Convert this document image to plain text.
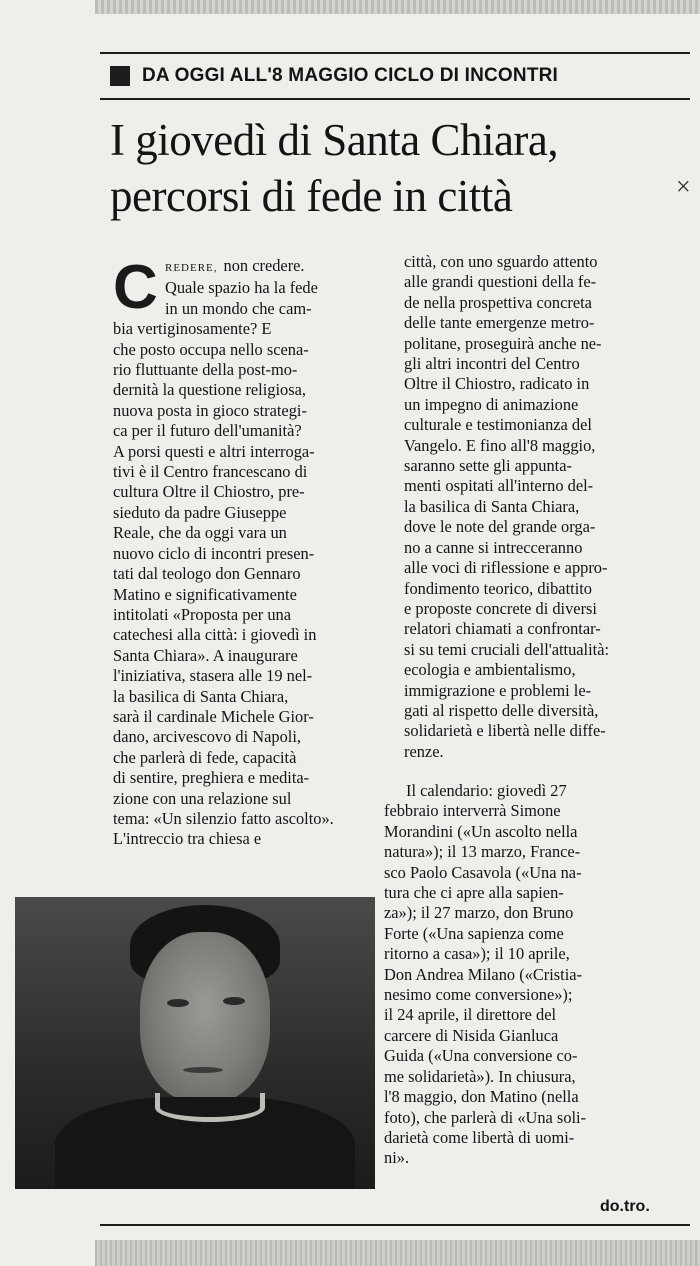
×
DA OGGI ALL'8 MAGGIO CICLO DI INCONTRI
I giovedì di Santa Chiara,
percorsi di fede in città
C REDERE, non credere.
Quale spazio ha la fede
in un mondo che cam-
bia vertiginosamente? E
che posto occupa nello scena-
rio fluttuante della post-mo-
dernità la questione religiosa,
nuova posta in gioco strategi-
ca per il futuro dell'umanità?
A porsi questi e altri interroga-
tivi è il Centro francescano di
cultura Oltre il Chiostro, pre-
sieduto da padre Giuseppe
Reale, che da oggi vara un
nuovo ciclo di incontri presen-
tati dal teologo don Gennaro
Matino e significativamente
intitolati «Proposta per una
catechesi alla città: i giovedì in
Santa Chiara». A inaugurare
l'iniziativa, stasera alle 19 nel-
la basilica di Santa Chiara,
sarà il cardinale Michele Gior-
dano, arcivescovo di Napoli,
che parlerà di fede, capacità
di sentire, preghiera e medita-
zione con una relazione sul
tema: «Un silenzio fatto ascolto».
L'intreccio tra chiesa e
città, con uno sguardo attento
alle grandi questioni della fe-
de nella prospettiva concreta
delle tante emergenze metro-
politane, proseguirà anche ne-
gli altri incontri del Centro
Oltre il Chiostro, radicato in
un impegno di animazione
culturale e testimonianza del
Vangelo. E fino all'8 maggio,
saranno sette gli appunta-
menti ospitati all'interno del-
la basilica di Santa Chiara,
dove le note del grande orga-
no a canne si intrecceranno
alle voci di riflessione e appro-
fondimento teorico, dibattito
e proposte concrete di diversi
relatori chiamati a confrontar-
si su temi cruciali dell'attualità:
ecologia e ambientalismo,
immigrazione e problemi le-
gati al rispetto delle diversità,
solidarietà e libertà nelle diffe-
renze.
Il calendario: giovedì 27
febbraio interverrà Simone
Morandini («Un ascolto nella
natura»); il 13 marzo, France-
sco Paolo Casavola («Una na-
tura che ci apre alla sapien-
za»); il 27 marzo, don Bruno
Forte («Una sapienza come
ritorno a casa»); il 10 aprile,
Don Andrea Milano («Cristia-
nesimo come conversione»);
il 24 aprile, il direttore del
carcere di Nisida Gianluca
Guida («Una conversione co-
me solidarietà»). In chiusura,
l'8 maggio, don Matino (nella
foto), che parlerà di «Una soli-
darietà come libertà di uomi-
ni».
do.tro.
